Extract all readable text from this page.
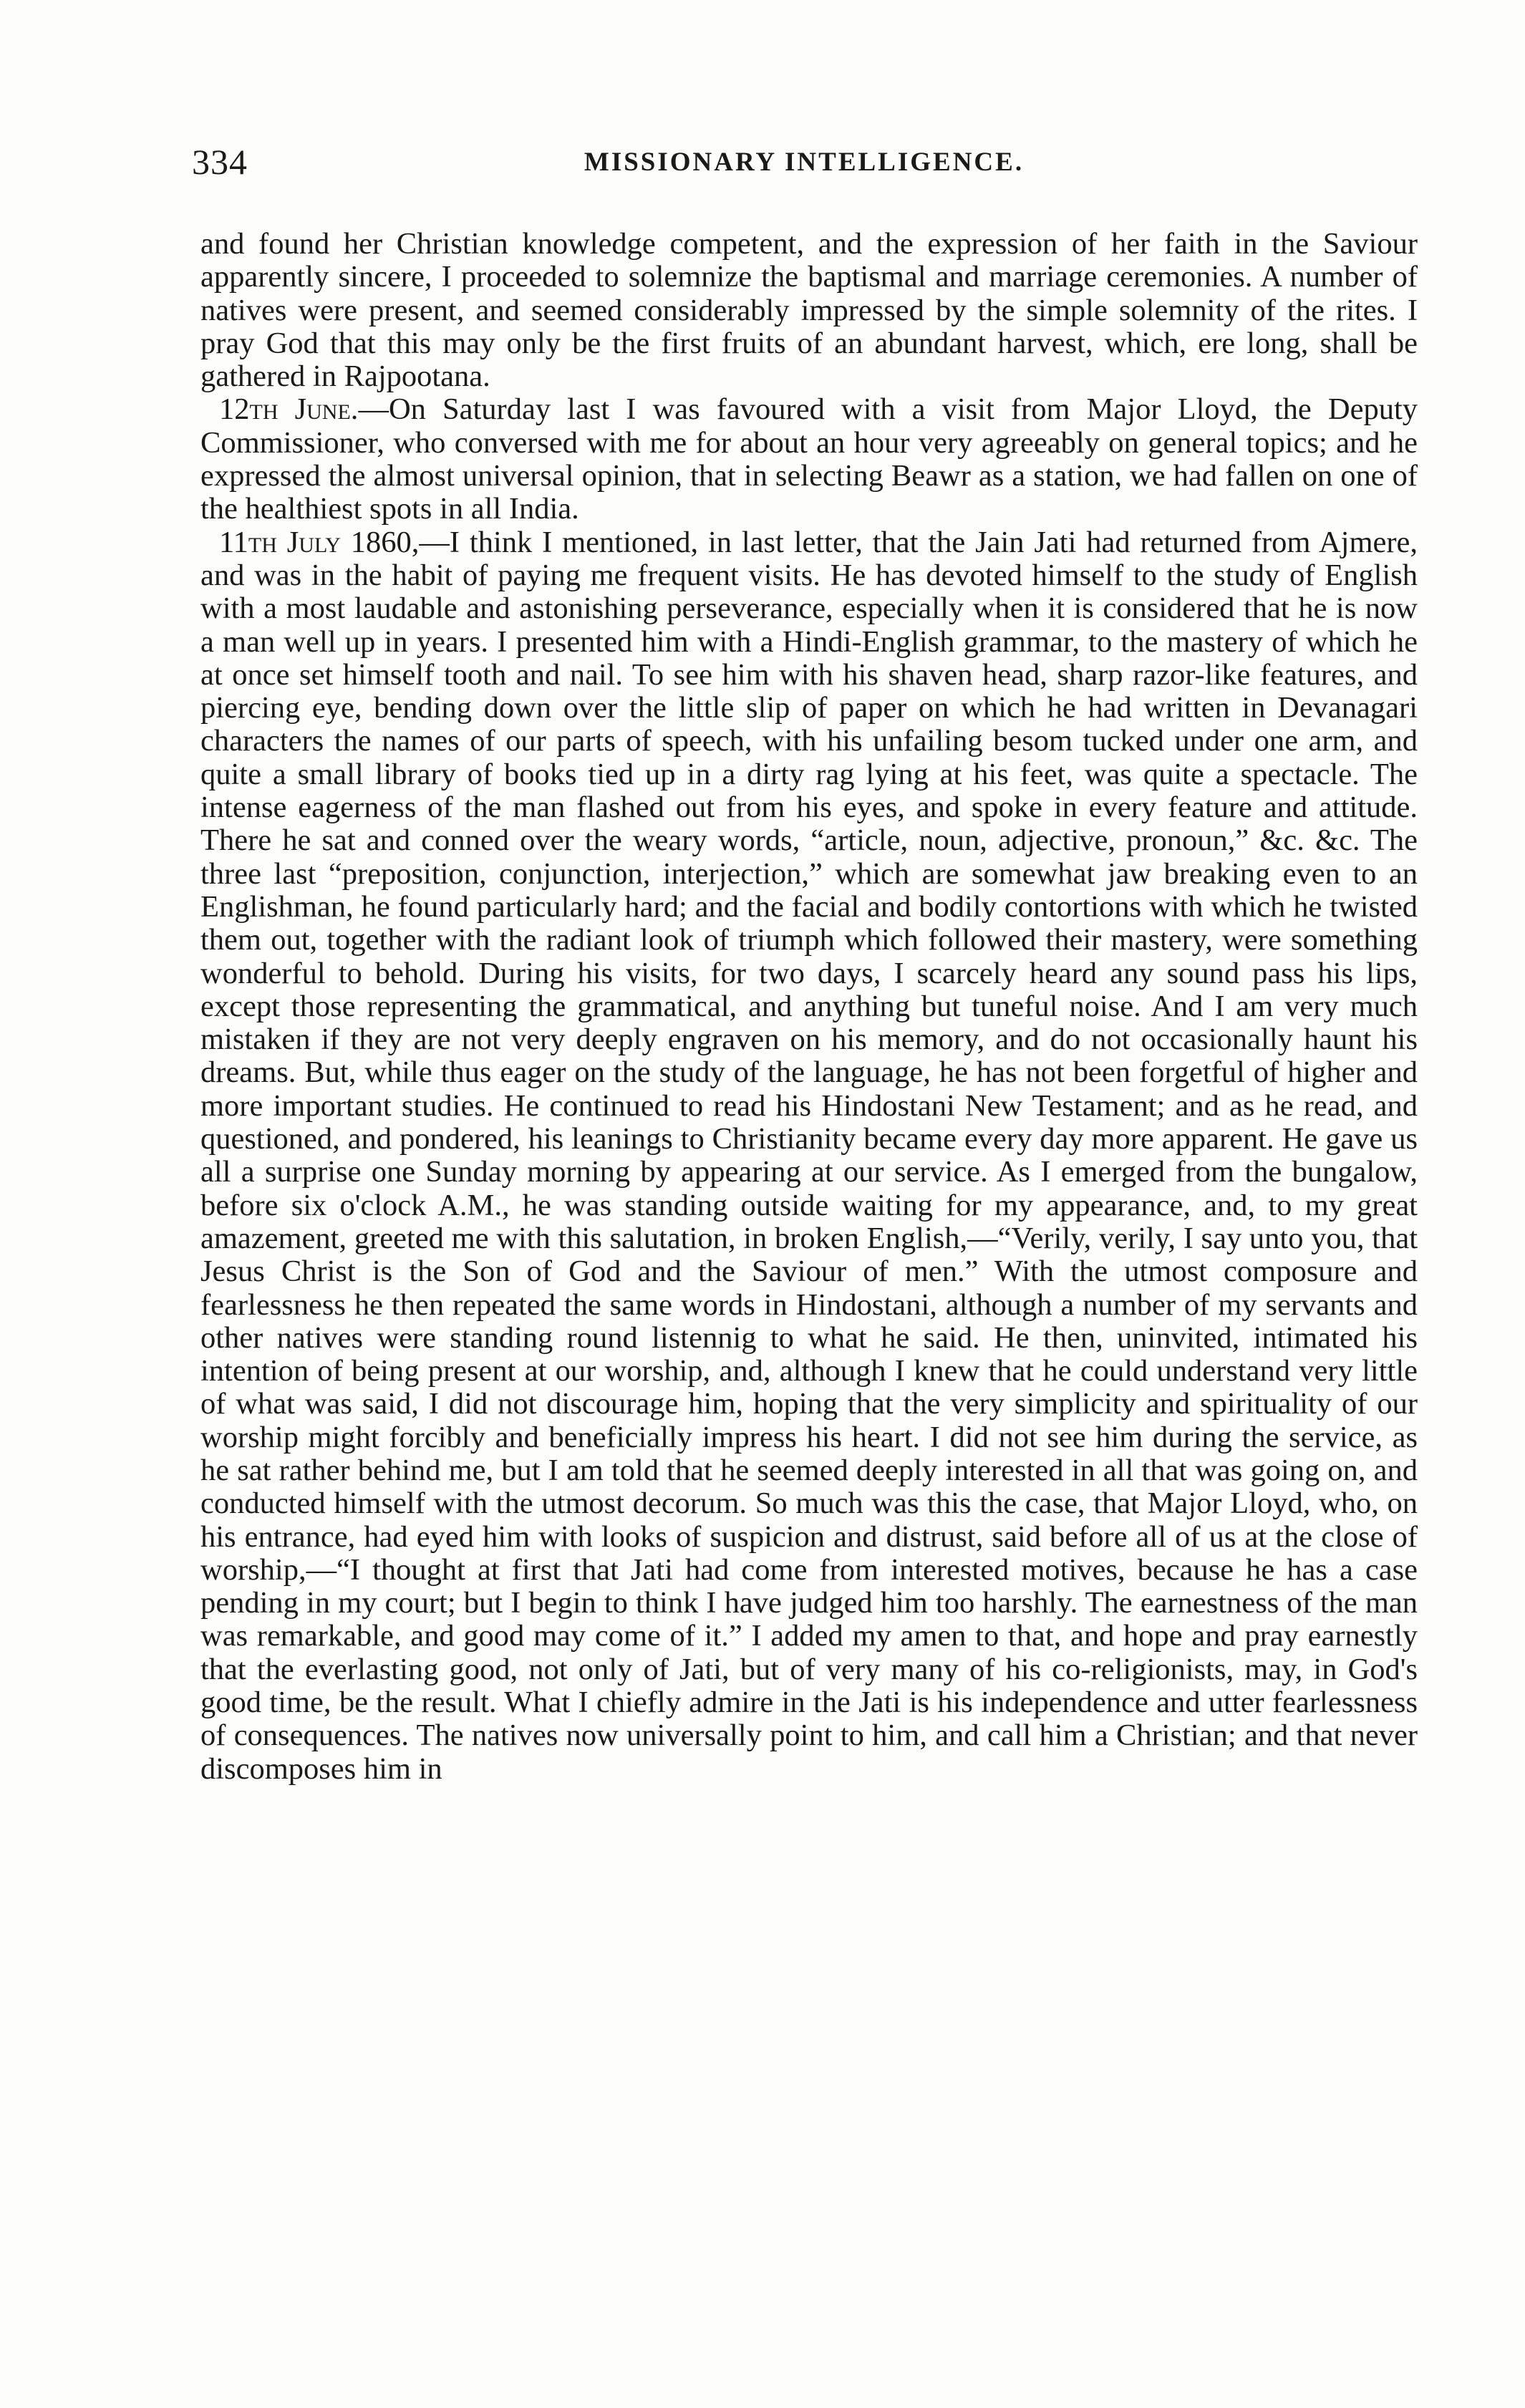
334	MISSIONARY INTELLIGENCE.

and found her Christian knowledge competent, and the expression of her faith in the Saviour apparently sincere, I proceeded to solemnize the baptismal and marriage ceremonies. A number of natives were present, and seemed considerably impressed by the simple solemnity of the rites. I pray God that this may only be the first fruits of an abundant harvest, which, ere long, shall be gathered in Rajpootana.

12th June.—On Saturday last I was favoured with a visit from Major Lloyd, the Deputy Commissioner, who conversed with me for about an hour very agreeably on general topics; and he expressed the almost universal opinion, that in selecting Beawr as a station, we had fallen on one of the healthiest spots in all India.

11th July 1860,—I think I mentioned, in last letter, that the Jain Jati had returned from Ajmere, and was in the habit of paying me frequent visits. He has devoted himself to the study of English with a most laudable and astonishing perseverance, especially when it is considered that he is now a man well up in years. I presented him with a Hindi-English grammar, to the mastery of which he at once set himself tooth and nail. To see him with his shaven head, sharp razor-like features, and piercing eye, bending down over the little slip of paper on which he had written in Devanagari characters the names of our parts of speech, with his unfailing besom tucked under one arm, and quite a small library of books tied up in a dirty rag lying at his feet, was quite a spectacle. The intense eagerness of the man flashed out from his eyes, and spoke in every feature and attitude. There he sat and conned over the weary words, “article, noun, adjective, pronoun,” &c. &c. The three last “preposition, conjunction, interjection,” which are somewhat jaw breaking even to an Englishman, he found particularly hard; and the facial and bodily contortions with which he twisted them out, together with the radiant look of triumph which followed their mastery, were something wonderful to behold. During his visits, for two days, I scarcely heard any sound pass his lips, except those representing the grammatical, and anything but tuneful noise. And I am very much mistaken if they are not very deeply engraven on his memory, and do not occasionally haunt his dreams. But, while thus eager on the study of the language, he has not been forgetful of higher and more important studies. He continued to read his Hindostani New Testament; and as he read, and questioned, and pondered, his leanings to Christianity became every day more apparent. He gave us all a surprise one Sunday morning by appearing at our service. As I emerged from the bungalow, before six o'clock A.M., he was standing outside waiting for my appearance, and, to my great amazement, greeted me with this salutation, in broken English,—“Verily, verily, I say unto you, that Jesus Christ is the Son of God and the Saviour of men.” With the utmost composure and fearlessness he then repeated the same words in Hindostani, although a number of my servants and other natives were standing round listennig to what he said. He then, uninvited, intimated his intention of being present at our worship, and, although I knew that he could understand very little of what was said, I did not discourage him, hoping that the very simplicity and spirituality of our worship might forcibly and beneficially impress his heart. I did not see him during the service, as he sat rather behind me, but I am told that he seemed deeply interested in all that was going on, and conducted himself with the utmost decorum. So much was this the case, that Major Lloyd, who, on his entrance, had eyed him with looks of suspicion and distrust, said before all of us at the close of worship,—“I thought at first that Jati had come from interested motives, because he has a case pending in my court; but I begin to think I have judged him too harshly. The earnestness of the man was remarkable, and good may come of it.” I added my amen to that, and hope and pray earnestly that the everlasting good, not only of Jati, but of very many of his co-religionists, may, in God's good time, be the result. What I chiefly admire in the Jati is his independence and utter fearlessness of consequences. The natives now universally point to him, and call him a Christian; and that never discomposes him in
